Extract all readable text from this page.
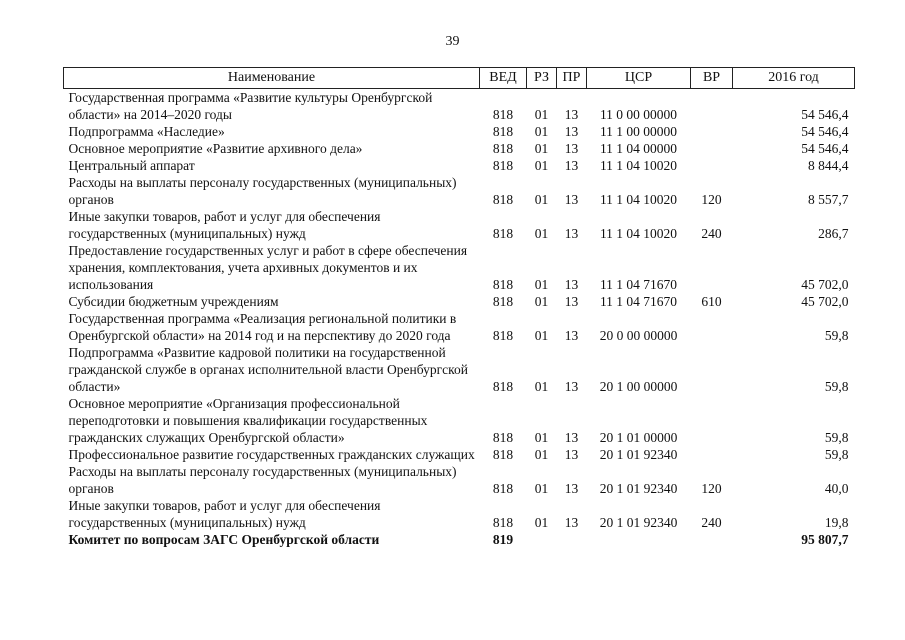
39
Наименование	ВЕД	РЗ	ПР	ЦСР	ВР	2016 год
Государственная программа «Развитие культуры Оренбургской области» на 2014–2020 годы	818	01	13	11 0 00 00000		54 546,4
Подпрограмма «Наследие»	818	01	13	11 1 00 00000		54 546,4
Основное мероприятие «Развитие архивного дела»	818	01	13	11 1 04 00000		54 546,4
Центральный аппарат	818	01	13	11 1 04 10020		8 844,4
Расходы на выплаты персоналу государственных (муниципальных) органов	818	01	13	11 1 04 10020	120	8 557,7
Иные закупки товаров, работ и услуг для обеспечения государственных (муниципальных) нужд	818	01	13	11 1 04 10020	240	286,7
Предоставление государственных услуг и работ в сфере обеспечения хранения, комплектования, учета архивных документов и их использования	818	01	13	11 1 04 71670		45 702,0
Субсидии бюджетным учреждениям	818	01	13	11 1 04 71670	610	45 702,0
Государственная программа «Реализация региональной политики в Оренбургской области» на 2014 год и на перспективу до 2020 года	818	01	13	20 0 00 00000		59,8
Подпрограмма «Развитие кадровой политики на государственной гражданской службе в органах исполнительной власти Оренбургской области»	818	01	13	20 1 00 00000		59,8
Основное мероприятие «Организация профессиональной переподготовки и повышения квалификации государственных гражданских служащих Оренбургской области»	818	01	13	20 1 01 00000		59,8
Профессиональное развитие государственных гражданских служащих	818	01	13	20 1 01 92340		59,8
Расходы на выплаты персоналу государственных (муниципальных) органов	818	01	13	20 1 01 92340	120	40,0
Иные закупки товаров, работ и услуг для обеспечения государственных (муниципальных) нужд	818	01	13	20 1 01 92340	240	19,8
Комитет по вопросам ЗАГС Оренбургской области	819					95 807,7
